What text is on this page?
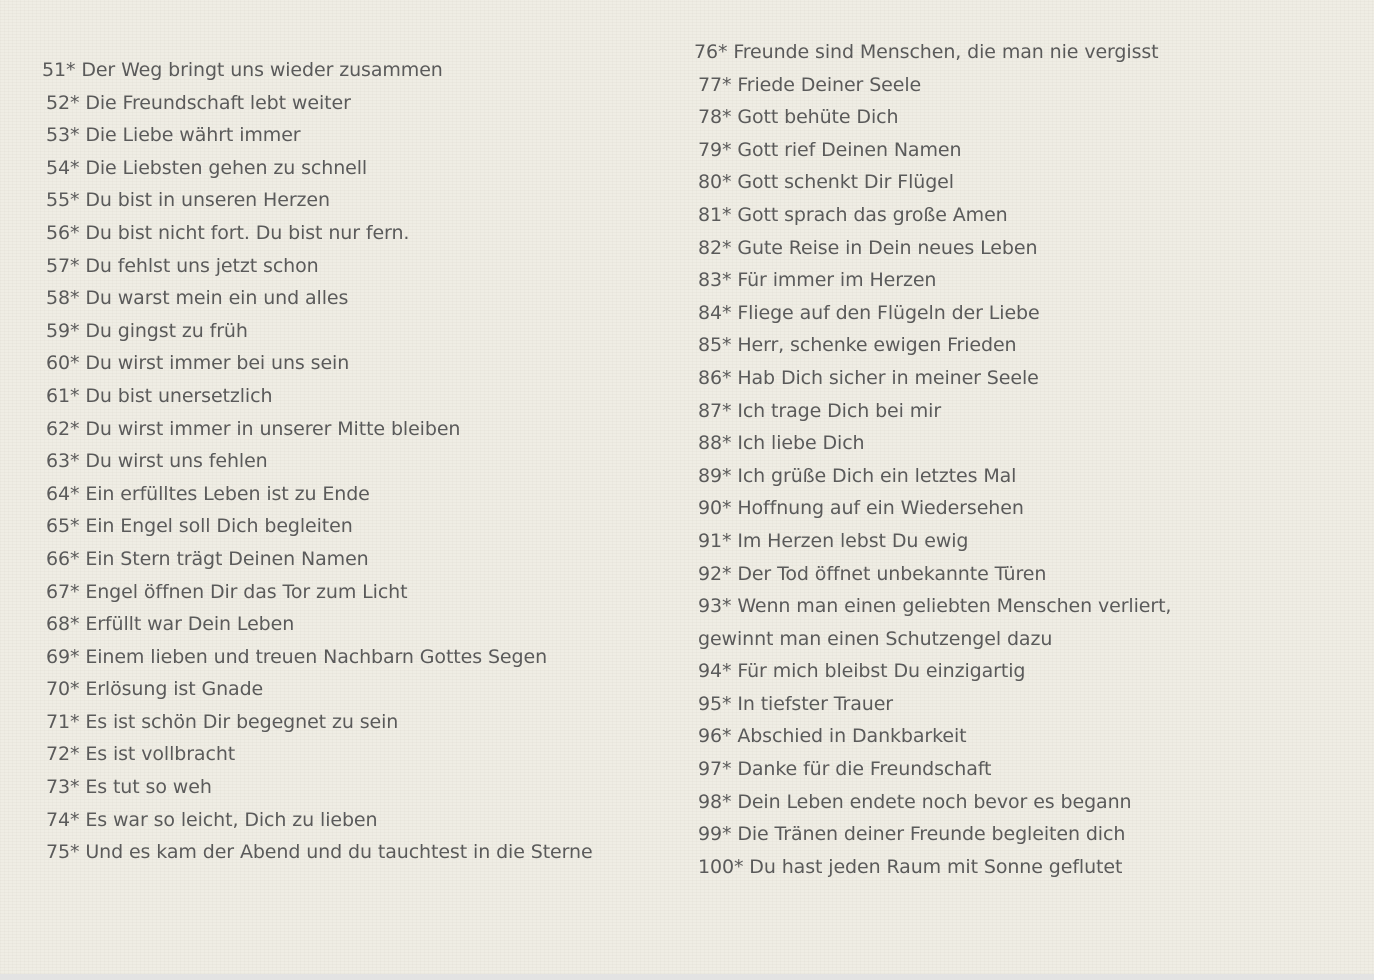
51* Der Weg bringt uns wieder zusammen
52* Die Freundschaft lebt weiter
53* Die Liebe währt immer
54* Die Liebsten gehen zu schnell
55* Du bist in unseren Herzen
56* Du bist nicht fort. Du bist nur fern.
57* Du fehlst uns jetzt schon
58* Du warst mein ein und alles
59* Du gingst zu früh
60* Du wirst immer bei uns sein
61* Du bist unersetzlich
62* Du wirst immer in unserer Mitte bleiben
63* Du wirst uns fehlen
64* Ein erfülltes Leben ist zu Ende
65* Ein Engel soll Dich begleiten
66* Ein Stern trägt Deinen Namen
67* Engel öffnen Dir das Tor zum Licht
68* Erfüllt war Dein Leben
69* Einem lieben und treuen Nachbarn Gottes Segen
70* Erlösung ist Gnade
71* Es ist schön Dir begegnet zu sein
72* Es ist vollbracht
73* Es tut so weh
74* Es war so leicht, Dich zu lieben
75* Und es kam der Abend und du tauchtest in die Sterne
76* Freunde sind Menschen, die man nie vergisst
77* Friede Deiner Seele
78* Gott behüte Dich
79* Gott rief Deinen Namen
80* Gott schenkt Dir Flügel
81* Gott sprach das große Amen
82* Gute Reise in Dein neues Leben
83* Für immer im Herzen
84* Fliege auf den Flügeln der Liebe
85* Herr, schenke ewigen Frieden
86* Hab Dich sicher in meiner Seele
87* Ich trage Dich bei mir
88* Ich liebe Dich
89* Ich grüße Dich ein letztes Mal
90* Hoffnung auf ein Wiedersehen
91* Im Herzen lebst Du ewig
92* Der Tod öffnet unbekannte Türen
93* Wenn man einen geliebten Menschen verliert, gewinnt man einen Schutzengel dazu
94* Für mich bleibst Du einzigartig
95* In tiefster Trauer
96* Abschied in Dankbarkeit
97* Danke für die Freundschaft
98* Dein Leben endete noch bevor es begann
99* Die Tränen deiner Freunde begleiten dich
100* Du hast jeden Raum mit Sonne geflutet
